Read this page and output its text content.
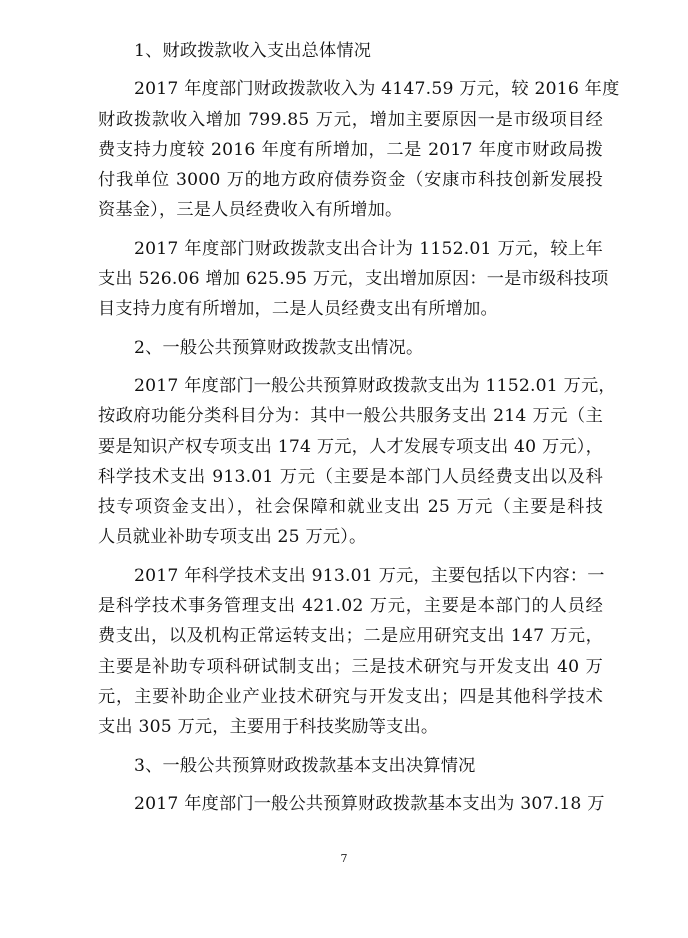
1、财政拨款收入支出总体情况
2017 年度部门财政拨款收入为 4147.59 万元，较 2016 年度
财政拨款收入增加 799.85 万元，增加主要原因一是市级项目经
费支持力度较 2016 年度有所增加，二是 2017 年度市财政局拨
付我单位 3000 万的地方政府债券资金（安康市科技创新发展投
资基金），三是人员经费收入有所增加。
2017 年度部门财政拨款支出合计为 1152.01 万元，较上年
支出 526.06 增加 625.95 万元，支出增加原因：一是市级科技项
目支持力度有所增加，二是人员经费支出有所增加。
2、一般公共预算财政拨款支出情况。
2017 年度部门一般公共预算财政拨款支出为 1152.01 万元，
按政府功能分类科目分为：其中一般公共服务支出 214 万元（主
要是知识产权专项支出 174 万元，人才发展专项支出 40 万元），
科学技术支出 913.01 万元（主要是本部门人员经费支出以及科
技专项资金支出），社会保障和就业支出 25 万元（主要是科技
人员就业补助专项支出 25 万元）。
2017 年科学技术支出 913.01 万元，主要包括以下内容：一
是科学技术事务管理支出 421.02 万元，主要是本部门的人员经
费支出，以及机构正常运转支出；二是应用研究支出 147 万元，
主要是补助专项科研试制支出；三是技术研究与开发支出 40 万
元，主要补助企业产业技术研究与开发支出；四是其他科学技术
支出 305 万元，主要用于科技奖励等支出。
3、一般公共预算财政拨款基本支出决算情况
2017 年度部门一般公共预算财政拨款基本支出为 307.18 万
7
